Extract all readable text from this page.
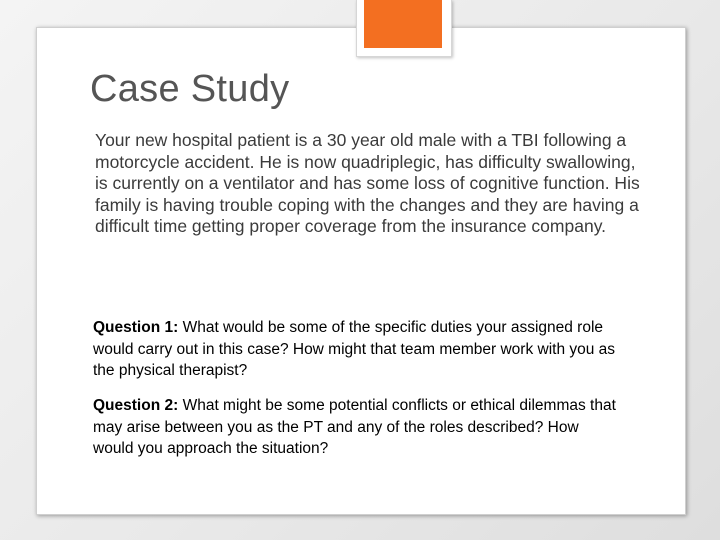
Case Study

Your new hospital patient is a 30 year old male with a TBI following a motorcycle accident. He is now quadriplegic, has difficulty swallowing, is currently on a ventilator and has some loss of cognitive function. His family is having trouble coping with the changes and they are having a difficult time getting proper coverage from the insurance company.

Question 1: What would be some of the specific duties your assigned role would carry out in this case? How might that team member work with you as the physical therapist?

Question 2: What might be some potential conflicts or ethical dilemmas that may arise between you as the PT and any of the roles described? How would you approach the situation?
